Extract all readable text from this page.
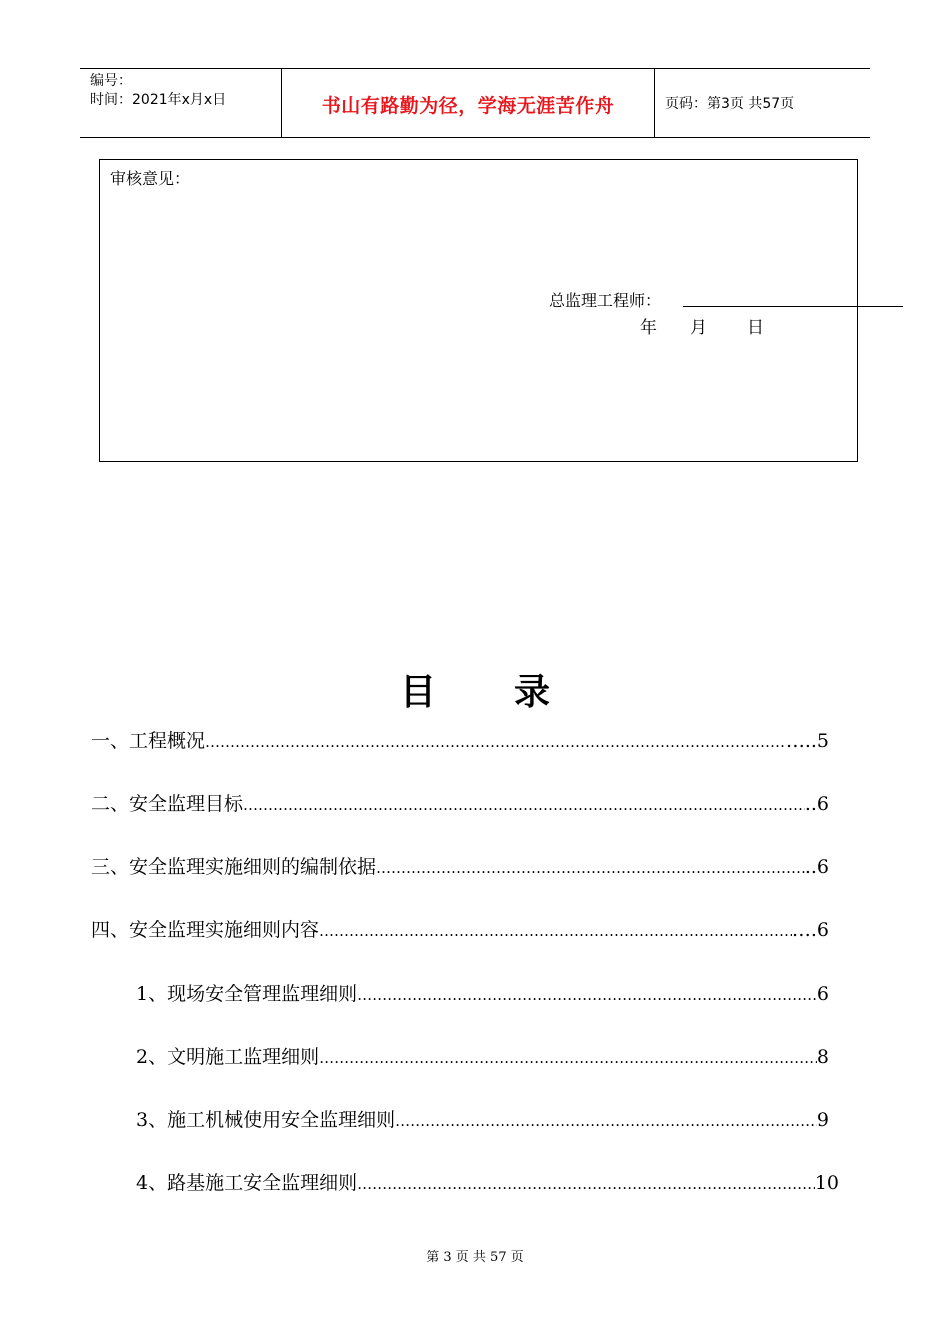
编号：
时间：2021年x月x日	书山有路勤为径，学海无涯苦作舟	页码：第3页 共57页
审核意见：
总监理工程师：
年 月 日
目 录
一、工程概况 …………………………………………………………………………………………………………………………………………………………………………	…..5
二、安全监理目标 …………………………………………………………………………………………………………………………………………………………………………	..6
三、安全监理实施细则的编制依据 …………………………………………………………………………………………………………………………………………………………………………	..6
四、安全监理实施细则内容 …………………………………………………………………………………………………………………………………………………………………………	….6
1、现场安全管理监理细则 …………………………………………………………………………………………………………………………………………………………………………	6
2、文明施工监理细则 …………………………………………………………………………………………………………………………………………………………………………	8
3、施工机械使用安全监理细则 …………………………………………………………………………………………………………………………………………………………………………	9
4、路基施工安全监理细则 …………………………………………………………………………………………………………………………………………………………………………	10
第 3 页 共 57 页
